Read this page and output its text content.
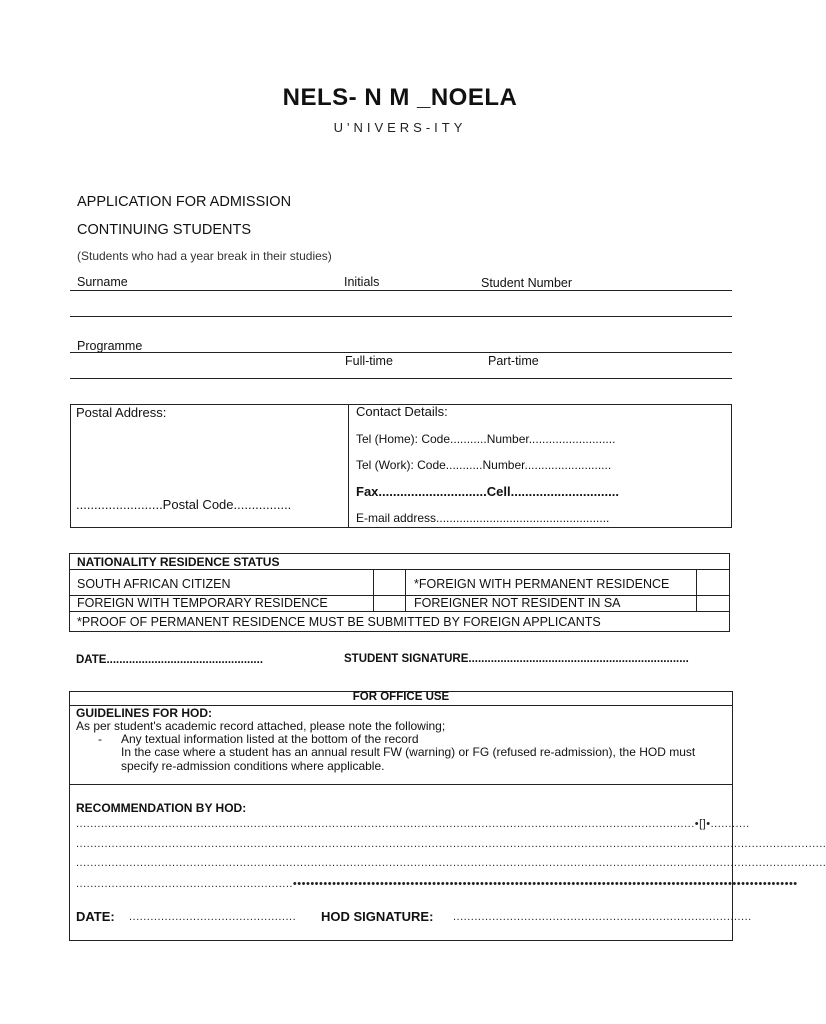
NELS- N M _NOELA
U'NIVERS-ITY
APPLICATION FOR ADMISSION
CONTINUING STUDENTS
(Students who had a year break in their studies)
Surname	Initials	Student Number
Programme
Full-time	Part-time
Postal Address:
........................Postal Code................
Contact Details:
Tel (Home): Code...........Number..........................
Tel (Work): Code...........Number..........................
Fax..............................Cell..............................
E-mail address....................................................
NATIONALITY RESIDENCE STATUS
SOUTH AFRICAN CITIZEN	*FOREIGN WITH PERMANENT RESIDENCE
FOREIGN WITH TEMPORARY RESIDENCE	FOREIGNER NOT RESIDENT IN SA
*PROOF OF PERMANENT RESIDENCE MUST BE SUBMITTED BY FOREIGN APPLICANTS
DATE.................................................	STUDENT SIGNATURE.....................................................................
FOR OFFICE USE
GUIDELINES FOR HOD:
As per student's academic record attached, please note the following;
- Any textual information listed at the bottom of the record
In the case where a student has an annual result FW (warning) or FG (refused re-admission), the HOD must
specify re-admission conditions where applicable.
RECOMMENDATION BY HOD:
..............................................................................................................................................................................•[]•...........
...................................................................................................................................................................................................................
...................................................................................................................................................................................................................
.............................................................••••••••••••••••••••••••••••••••••••••••••••••••••••••••••••••••••••••••••••••••••••••••••••••••••••••••••••••••••••
DATE: ...............................................	HOD SIGNATURE: ....................................................................................
